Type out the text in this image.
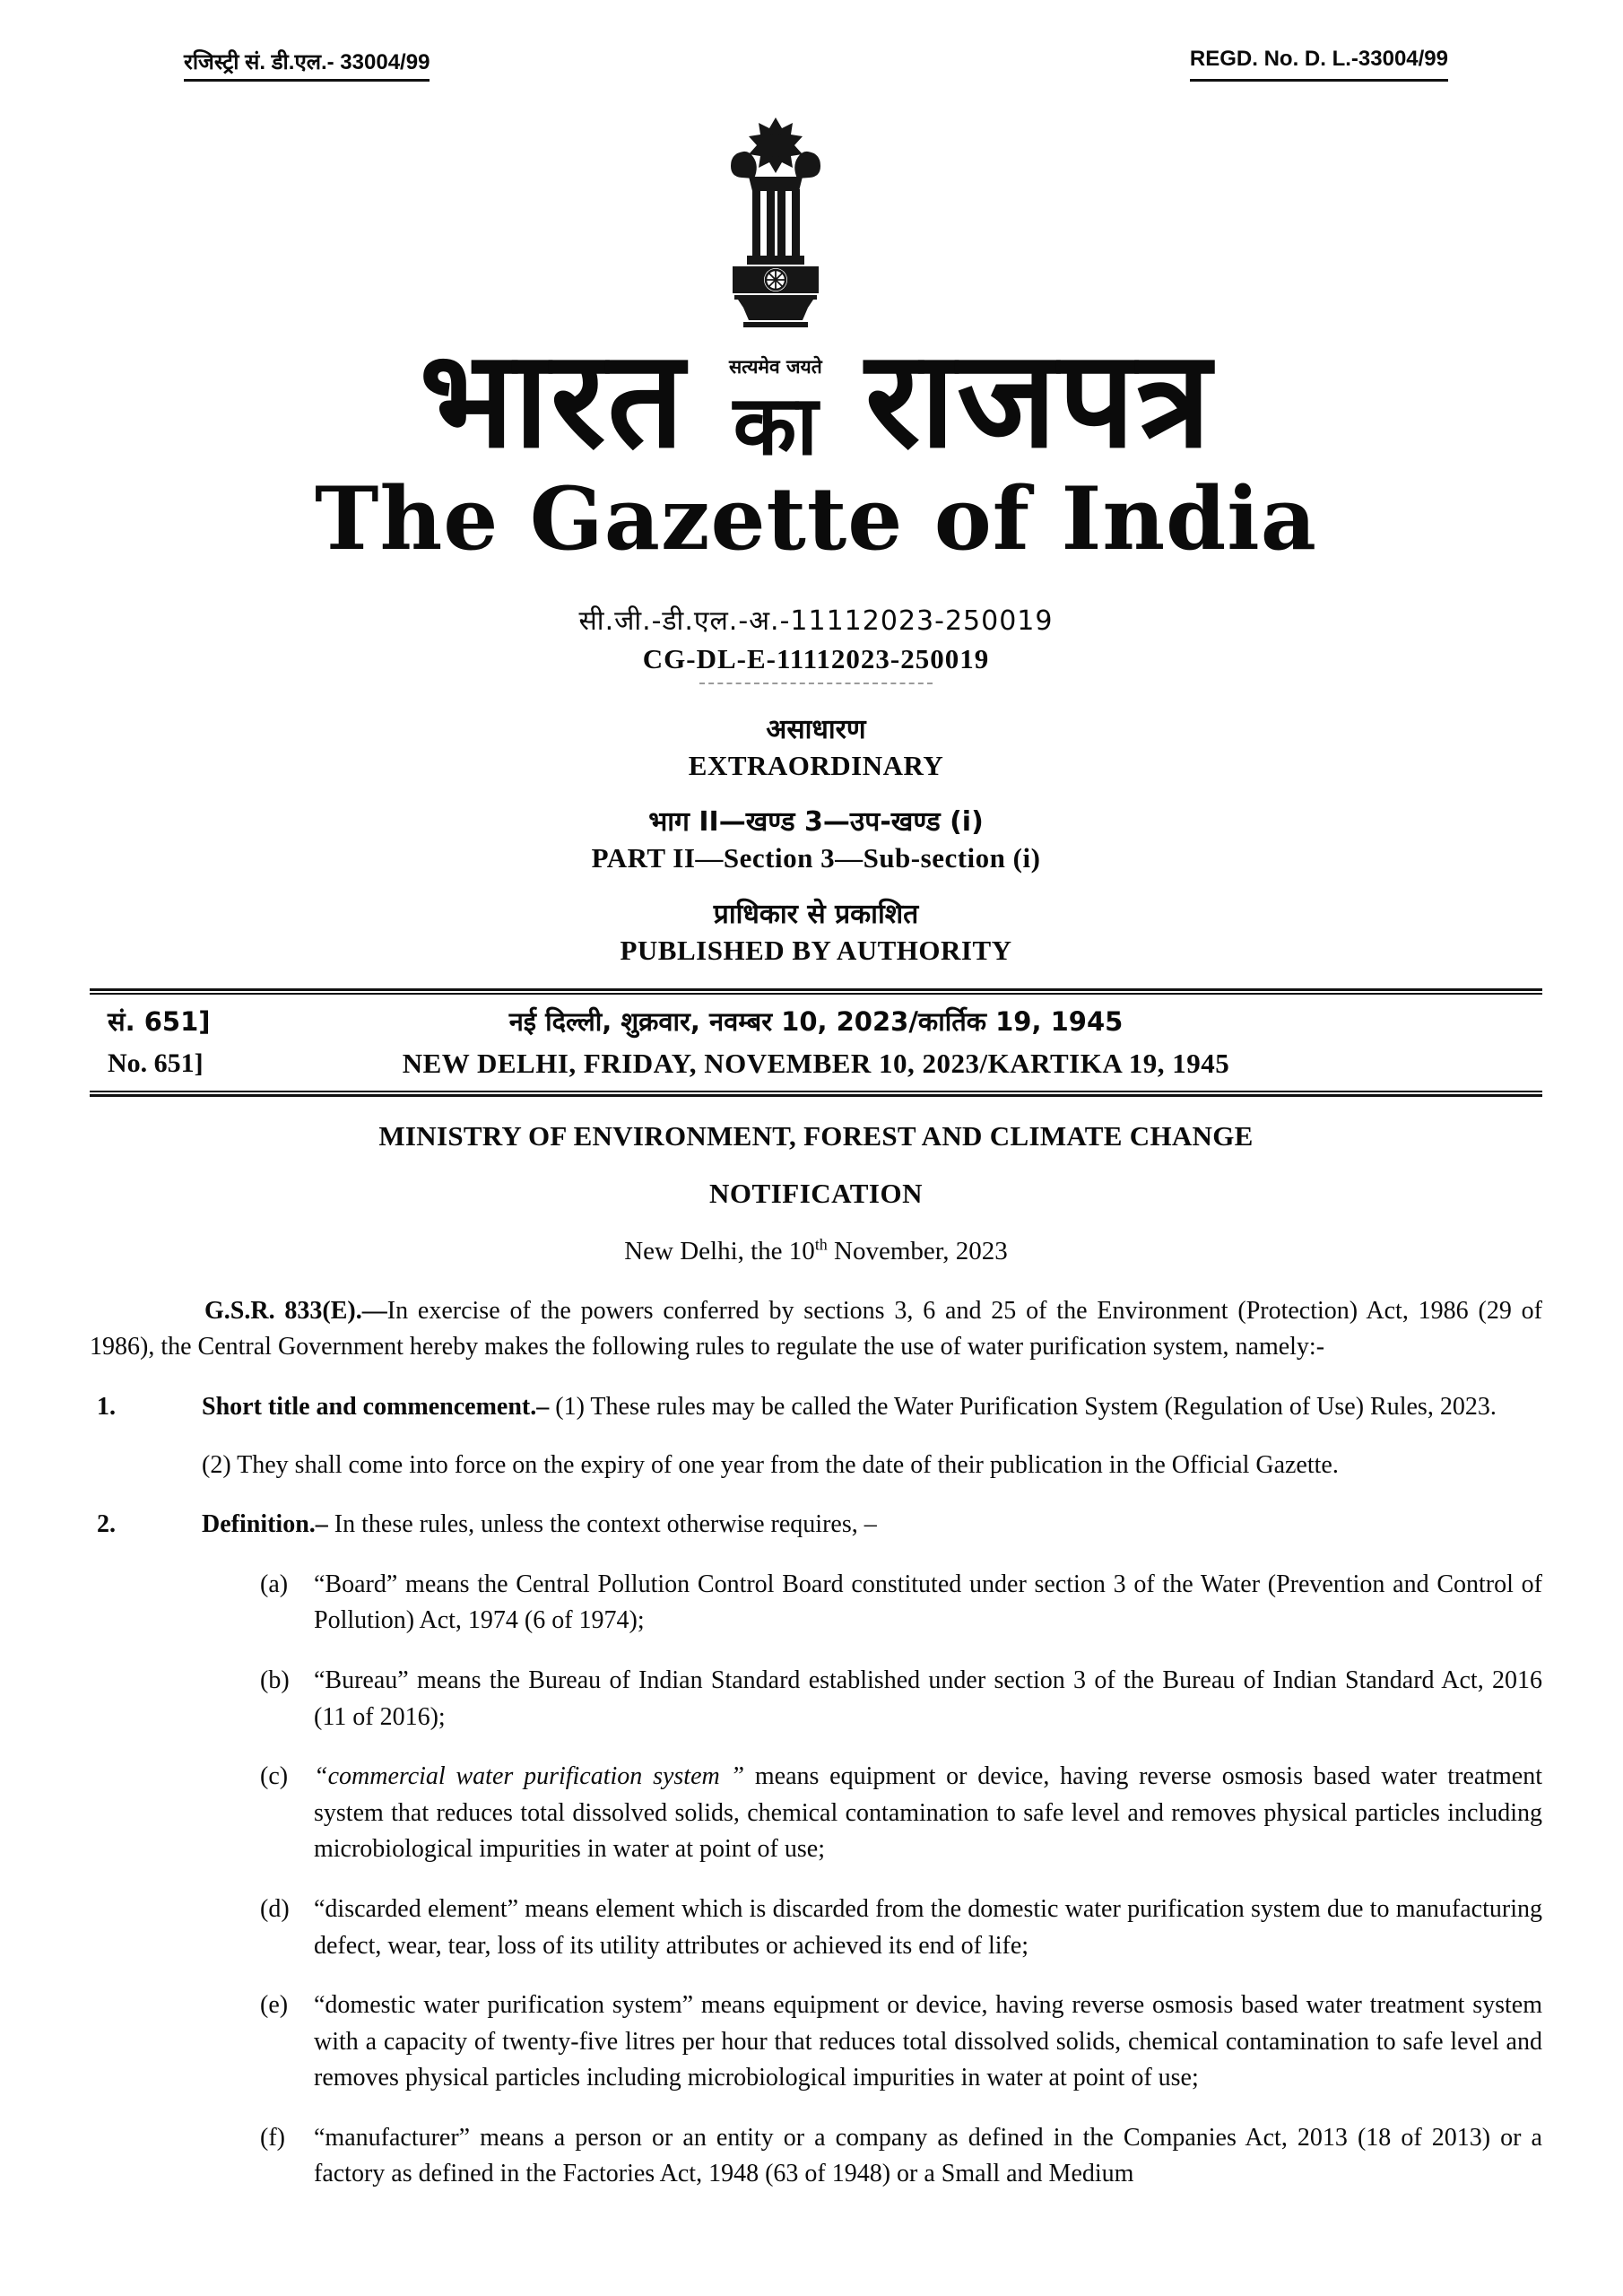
रजिस्ट्री सं. डी.एल.- 33004/99	REGD. No. D. L.-33004/99
भारत सत्यमेव जयते
का राजपत्र
The Gazette of India
सी.जी.-डी.एल.-अ.-11112023-250019
CG-DL-E-11112023-250019
असाधारण
EXTRAORDINARY
भाग II—खण्ड 3—उप-खण्ड (i)
PART II—Section 3—Sub-section (i)
प्राधिकार से प्रकाशित
PUBLISHED BY AUTHORITY
सं. 651]	नई दिल्ली, शुक्रवार, नवम्बर 10, 2023/कार्तिक 19, 1945
No. 651]	NEW DELHI, FRIDAY, NOVEMBER 10, 2023/KARTIKA 19, 1945
MINISTRY OF ENVIRONMENT, FOREST AND CLIMATE CHANGE
NOTIFICATION
New Delhi, the 10th November, 2023

G.S.R. 833(E).—In exercise of the powers conferred by sections 3, 6 and 25 of the Environment (Protection) Act, 1986 (29 of 1986), the Central Government hereby makes the following rules to regulate the use of water purification system, namely:-

1.	Short title and commencement.– (1) These rules may be called the Water Purification System (Regulation of Use) Rules, 2023.
(2) They shall come into force on the expiry of one year from the date of their publication in the Official Gazette.
2.	Definition.– In these rules, unless the context otherwise requires, –
(a)	“Board” means the Central Pollution Control Board constituted under section 3 of the Water (Prevention and Control of Pollution) Act, 1974 (6 of 1974);
(b) “Bureau” means the Bureau of Indian Standard established under section 3 of the Bureau of Indian Standard Act, 2016 (11 of 2016);
(c)	“commercial water purification system ” means equipment or device, having reverse osmosis based water treatment system that reduces total dissolved solids, chemical contamination to safe level and removes physical particles including microbiological impurities in water at point of use;
(d) “discarded element” means element which is discarded from the domestic water purification system due to manufacturing defect, wear, tear, loss of its utility attributes or achieved its end of life;
(e)	“domestic water purification system” means equipment or device, having reverse osmosis based water treatment system with a capacity of twenty-five litres per hour that reduces total dissolved solids, chemical contamination to safe level and removes physical particles including microbiological impurities in water at point of use;
(f)	“manufacturer” means a person or an entity or a company as defined in the Companies Act, 2013 (18 of 2013) or a factory as defined in the Factories Act, 1948 (63 of 1948) or a Small and Medium
